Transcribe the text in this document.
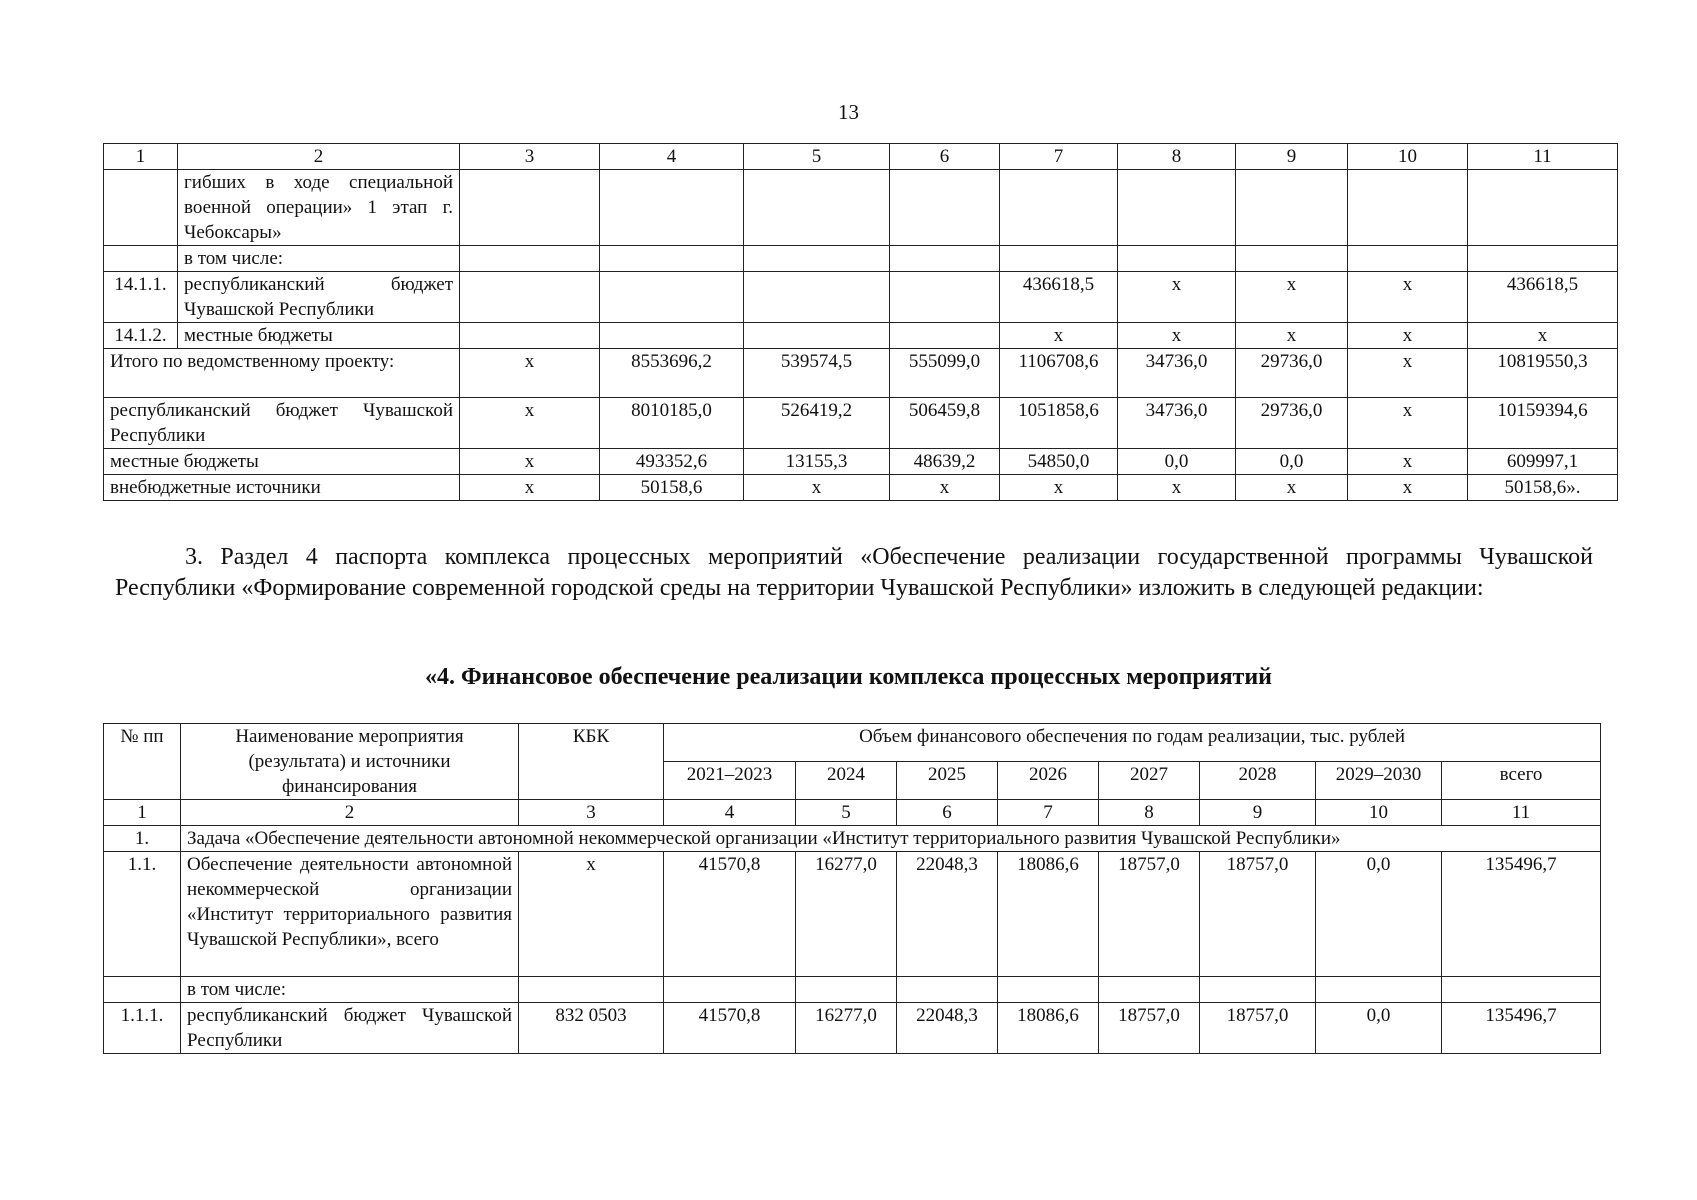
13
1	2	3	4	5	6	7	8	9	10	11
	гибших в ходе специальной военной операции» 1 этап г. Чебоксары»									
	в том числе:									
14.1.1.	республиканский бюджет Чувашской Республики					436618,5	x	x	x	436618,5
14.1.2.	местные бюджеты					x	x	x	x	x
Итого по ведомственному проекту:		x	8553696,2	539574,5	555099,0	1106708,6	34736,0	29736,0	x	10819550,3
республиканский бюджет Чувашской Республики		x	8010185,0	526419,2	506459,8	1051858,6	34736,0	29736,0	x	10159394,6
местные бюджеты		x	493352,6	13155,3	48639,2	54850,0	0,0	0,0	x	609997,1
внебюджетные источники		x	50158,6	x	x	x	x	x	x	50158,6».
3. Раздел 4 паспорта комплекса процессных мероприятий «Обеспечение реализации государственной программы Чувашской Республики «Формирование современной городской среды на территории Чувашской Республики» изложить в следующей редакции:
«4. Финансовое обеспечение реализации комплекса процессных мероприятий
№ пп	Наименование мероприятия (результата) и источники финансирования	КБК	Объем финансового обеспечения по годам реализации, тыс. рублей							
			2021–2023	2024	2025	2026	2027	2028	2029–2030	всего
1	2	3	4	5	6	7	8	9	10	11
1.	Задача «Обеспечение деятельности автономной некоммерческой организации «Институт территориального развития Чувашской Республики»									
1.1.	Обеспечение деятельности автономной некоммерческой организации «Институт территориального развития Чувашской Республики», всего	x	41570,8	16277,0	22048,3	18086,6	18757,0	18757,0	0,0	135496,7
	в том числе:									
1.1.1.	республиканский бюджет Чувашской Республики	832 0503	41570,8	16277,0	22048,3	18086,6	18757,0	18757,0	0,0	135496,7
